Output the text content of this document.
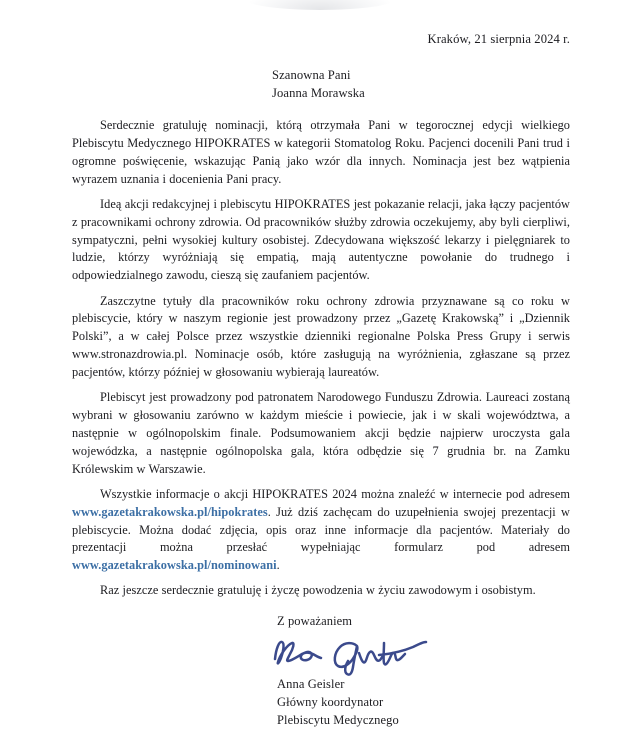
Kraków, 21 sierpnia 2024 r.
Szanowna Pani
Joanna Morawska

Serdecznie gratuluję nominacji, którą otrzymała Pani w tegorocznej edycji wielkiego Plebiscytu Medycznego HIPOKRATES w kategorii Stomatolog Roku. Pacjenci docenili Pani trud i ogromne poświęcenie, wskazując Panią jako wzór dla innych. Nominacja jest bez wątpienia wyrazem uznania i docenienia Pani pracy.

Ideą akcji redakcyjnej i plebiscytu HIPOKRATES jest pokazanie relacji, jaka łączy pacjentów z pracownikami ochrony zdrowia. Od pracowników służby zdrowia oczekujemy, aby byli cierpliwi, sympatyczni, pełni wysokiej kultury osobistej. Zdecydowana większość lekarzy i pielęgniarek to ludzie, którzy wyróżniają się empatią, mają autentyczne powołanie do trudnego i odpowiedzialnego zawodu, cieszą się zaufaniem pacjentów.

Zaszczytne tytuły dla pracowników roku ochrony zdrowia przyznawane są co roku w plebiscycie, który w naszym regionie jest prowadzony przez „Gazetę Krakowską” i „Dziennik Polski”, a w całej Polsce przez wszystkie dzienniki regionalne Polska Press Grupy i serwis www.stronazdrowia.pl. Nominacje osób, które zasługują na wyróżnienia, zgłaszane są przez pacjentów, którzy później w głosowaniu wybierają laureatów.

Plebiscyt jest prowadzony pod patronatem Narodowego Funduszu Zdrowia. Laureaci zostaną wybrani w głosowaniu zarówno w każdym mieście i powiecie, jak i w skali województwa, a następnie w ogólnopolskim finale. Podsumowaniem akcji będzie najpierw uroczysta gala wojewódzka, a następnie ogólnopolska gala, która odbędzie się 7 grudnia br. na Zamku Królewskim w Warszawie.

Wszystkie informacje o akcji HIPOKRATES 2024 można znaleźć w internecie pod adresem www.gazetakrakowska.pl/hipokrates. Już dziś zachęcam do uzupełnienia swojej prezentacji w plebiscycie. Można dodać zdjęcia, opis oraz inne informacje dla pacjentów. Materiały do prezentacji można przesłać wypełniając formularz pod adresem www.gazetakrakowska.pl/nominowani.

Raz jeszcze serdecznie gratuluję i życzę powodzenia w życiu zawodowym i osobistym.

Z poważaniem
Anna Geisler
Główny koordynator
Plebiscytu Medycznego
